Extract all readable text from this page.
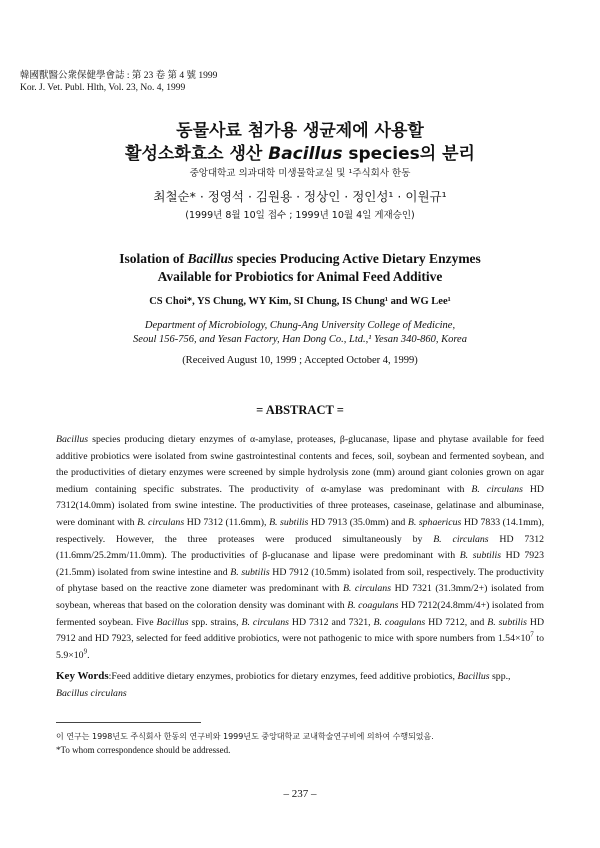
韓國獸醫公衆保健學會誌 : 第 23 卷 第 4 號 1999
Kor. J. Vet. Publ. Hlth, Vol. 23, No. 4, 1999
동물사료 첨가용 생균제에 사용할
활성소화효소 생산 Bacillus species의 분리
중앙대학교 의과대학 미생물학교실 및 ¹주식회사 한동
최철순* · 정영석 · 김원용 · 정상인 · 정인성¹ · 이원규¹
(1999년 8월 10일 접수 ; 1999년 10월 4일 게재승인)
Isolation of Bacillus species Producing Active Dietary Enzymes
Available for Probiotics for Animal Feed Additive
CS Choi*, YS Chung, WY Kim, SI Chung, IS Chung¹ and WG Lee¹
Department of Microbiology, Chung-Ang University College of Medicine,
Seoul 156-756, and Yesan Factory, Han Dong Co., Ltd.,¹ Yesan 340-860, Korea
(Received August 10, 1999 ; Accepted October 4, 1999)
= ABSTRACT =
Bacillus species producing dietary enzymes of α-amylase, proteases, β-glucanase, lipase and phytase available for feed additive probiotics were isolated from swine gastrointestinal contents and feces, soil, soybean and fermented soybean, and the productivities of dietary enzymes were screened by simple hydrolysis zone (mm) around giant colonies grown on agar medium containing specific substrates. The productivity of α-amylase was predominant with B. circulans HD 7312(14.0mm) isolated from swine intestine. The productivities of three proteases, caseinase, gelatinase and albuminase, were dominant with B. circulans HD 7312 (11.6mm), B. subtilis HD 7913 (35.0mm) and B. sphaericus HD 7833 (14.1mm), respectively. However, the three proteases were produced simultaneously by B. circulans HD 7312 (11.6mm/25.2mm/11.0mm). The productivities of β-glucanase and lipase were predominant with B. subtilis HD 7923 (21.5mm) isolated from swine intestine and B. subtilis HD 7912 (10.5mm) isolated from soil, respectively. The productivity of phytase based on the reactive zone diameter was predominant with B. circulans HD 7321 (31.3mm/2+) isolated from soybean, whereas that based on the coloration density was dominant with B. coagulans HD 7212(24.8mm/4+) isolated from fermented soybean. Five Bacillus spp. strains, B. circulans HD 7312 and 7321, B. coagulans HD 7212, and B. subtilis HD 7912 and HD 7923, selected for feed additive probiotics, were not pathogenic to mice with spore numbers from $1.54\times 10^7$ to $5.9\times 10^9$.
Key Words:Feed additive dietary enzymes, probiotics for dietary enzymes, feed additive probiotics, Bacillus spp., Bacillus circulans
이 연구는 1998년도 주식회사 한동의 연구비와 1999년도 중앙대학교 교내학술연구비에 의하여 수행되었음.
*To whom correspondence should be addressed.
– 237 –
